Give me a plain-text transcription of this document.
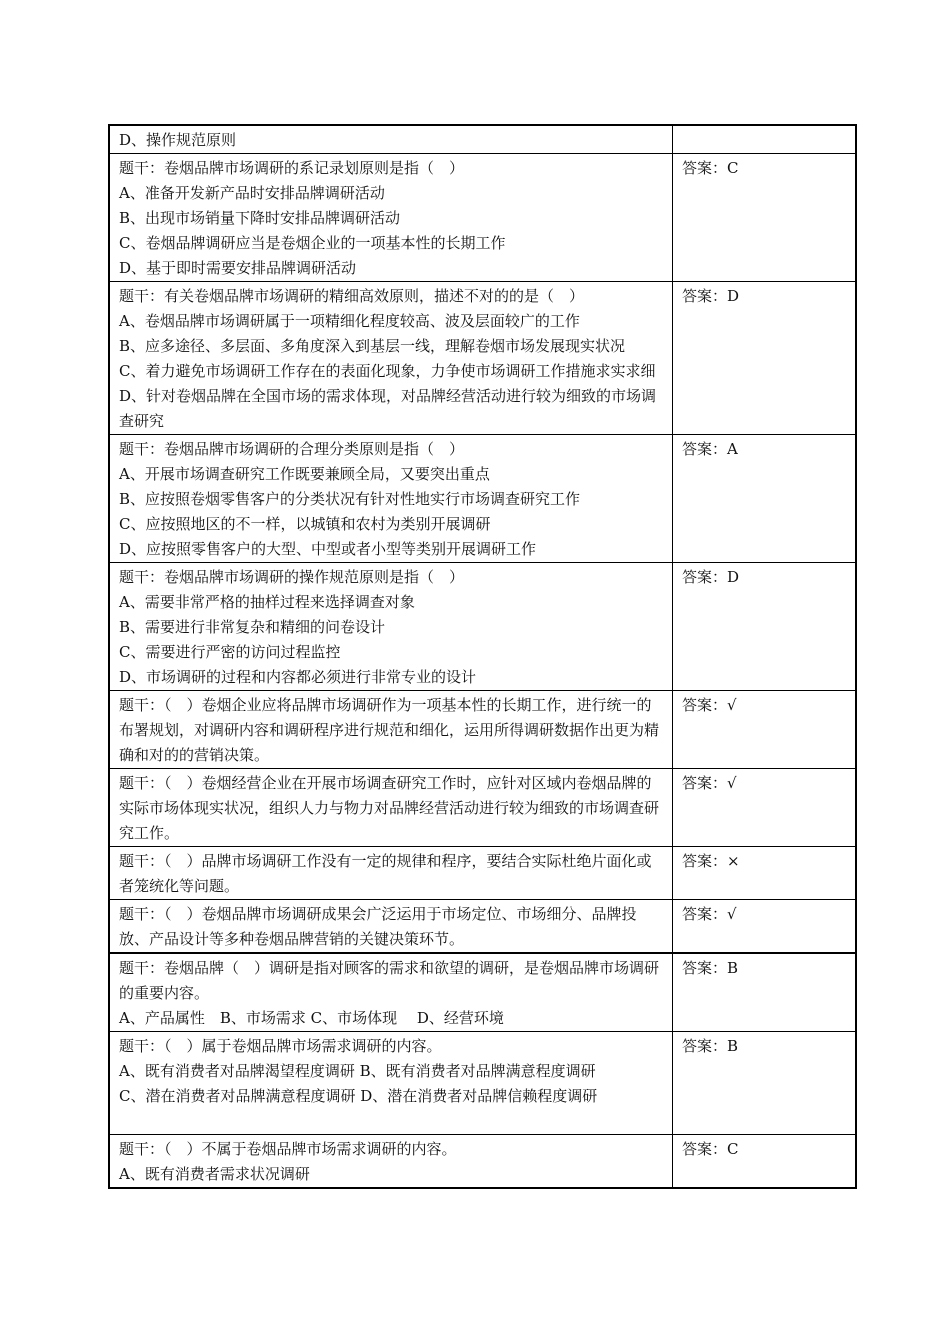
D、操作规范原则	

题干：卷烟品牌市场调研的系记录划原则是指（　）
A、准备开发新产品时安排品牌调研活动
B、出现市场销量下降时安排品牌调研活动
C、卷烟品牌调研应当是卷烟企业的一项基本性的长期工作
D、基于即时需要安排品牌调研活动	答案：C

题干：有关卷烟品牌市场调研的精细高效原则，描述不对的的是（　）
A、卷烟品牌市场调研属于一项精细化程度较高、波及层面较广的工作
B、应多途径、多层面、多角度深入到基层一线，理解卷烟市场发展现实状况
C、着力避免市场调研工作存在的表面化现象，力争使市场调研工作措施求实求细
D、针对卷烟品牌在全国市场的需求体现，对品牌经营活动进行较为细致的市场调查研究	答案：D

题干：卷烟品牌市场调研的合理分类原则是指（　）
A、开展市场调查研究工作既要兼顾全局，又要突出重点
B、应按照卷烟零售客户的分类状况有针对性地实行市场调查研究工作
C、应按照地区的不一样，以城镇和农村为类别开展调研
D、应按照零售客户的大型、中型或者小型等类别开展调研工作	答案：A

题干：卷烟品牌市场调研的操作规范原则是指（　）
A、需要非常严格的抽样过程来选择调查对象
B、需要进行非常复杂和精细的问卷设计
C、需要进行严密的访问过程监控
D、市场调研的过程和内容都必须进行非常专业的设计	答案：D

题干：（　）卷烟企业应将品牌市场调研作为一项基本性的长期工作，进行统一的布署规划，对调研内容和调研程序进行规范和细化，运用所得调研数据作出更为精确和对的的营销决策。	答案：√

题干：（　）卷烟经营企业在开展市场调查研究工作时，应针对区域内卷烟品牌的实际市场体现实状况，组织人力与物力对品牌经营活动进行较为细致的市场调查研究工作。	答案：√

题干：（　）品牌市场调研工作没有一定的规律和程序，要结合实际杜绝片面化或者笼统化等问题。	答案：×

题干：（　）卷烟品牌市场调研成果会广泛运用于市场定位、市场细分、品牌投放、产品设计等多种卷烟品牌营销的关键决策环节。	答案：√

题干：卷烟品牌（　）调研是指对顾客的需求和欲望的调研，是卷烟品牌市场调研的重要内容。
A、产品属性　B、市场需求 C、市场体现　 D、经营环境	答案：B

题干：（　）属于卷烟品牌市场需求调研的内容。
A、既有消费者对品牌渴望程度调研 B、既有消费者对品牌满意程度调研
C、潜在消费者对品牌满意程度调研 D、潜在消费者对品牌信赖程度调研	答案：B

题干：（　）不属于卷烟品牌市场需求调研的内容。
A、既有消费者需求状况调研	答案：C
